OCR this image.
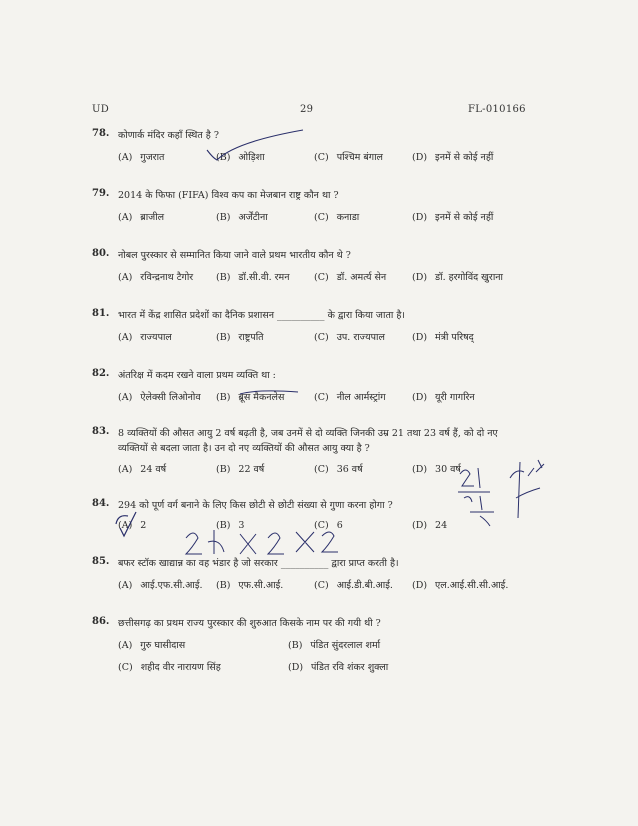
UD	29	FL-010166
78. कोणार्क मंदिर कहाँ स्थित है ?
(A) गुजरात	(B) ओड़िशा	(C) पश्चिम बंगाल	(D) इनमें से कोई नहीं
79. 2014 के फिफा (FIFA) विश्व कप का मेजबान राष्ट्र कौन था ?
(A) ब्राजील	(B) अर्जेंटीना	(C) कनाडा	(D) इनमें से कोई नहीं
80. नोबल पुरस्कार से सम्मानित किया जाने वाले प्रथम भारतीय कौन थे ?
(A) रविन्द्रनाथ टैगोर (B) डॉ.सी.वी. रमन	(C) डॉ. अमर्त्य सेन	(D) डॉ. हरगोविंद खुराना
81. भारत में केंद्र शासित प्रदेशों का दैनिक प्रशासन __________ के द्वारा किया जाता है।
(A) राज्यपाल	(B) राष्ट्रपति	(C) उप. राज्यपाल	(D) मंत्री परिषद्
82. अंतरिक्ष में कदम रखने वाला प्रथम व्यक्ति था :
(A) ऐलेक्सी लिओनोव (B) ब्रूस मैकनलेस	(C) नील आर्मस्ट्रांग	(D) यूरी गागरिन
83. 8 व्यक्तियों की औसत आयु 2 वर्ष बढ़ती है, जब उनमें से दो व्यक्ति जिनकी उम्र 21 तथा 23 वर्ष हैं, को दो नए व्यक्तियों से बदला जाता है। उन दो नए व्यक्तियों की औसत आयु क्या है ?
(A) 24 वर्ष	(B) 22 वर्ष	(C) 36 वर्ष	(D) 30 वर्ष
84. 294 को पूर्ण वर्ग बनाने के लिए किस छोटी से छोटी संख्या से गुणा करना होगा ?
(A) 2	(B) 3	(C) 6	(D) 24
85. बफर स्टॉक खाद्यान्न का वह भंडार है जो सरकार __________ द्वारा प्राप्त करती है।
(A) आई.एफ.सी.आई. (B) एफ.सी.आई.	(C) आई.डी.बी.आई. (D) एल.आई.सी.सी.आई.
86. छत्तीसगढ़ का प्रथम राज्य पुरस्कार की शुरुआत किसके नाम पर की गयी थी ?
(A) गुरु घासीदास	(B) पंडित सुंदरलाल शर्मा
(C) शहीद वीर नारायण सिंह	(D) पंडित रवि शंकर शुक्ला
